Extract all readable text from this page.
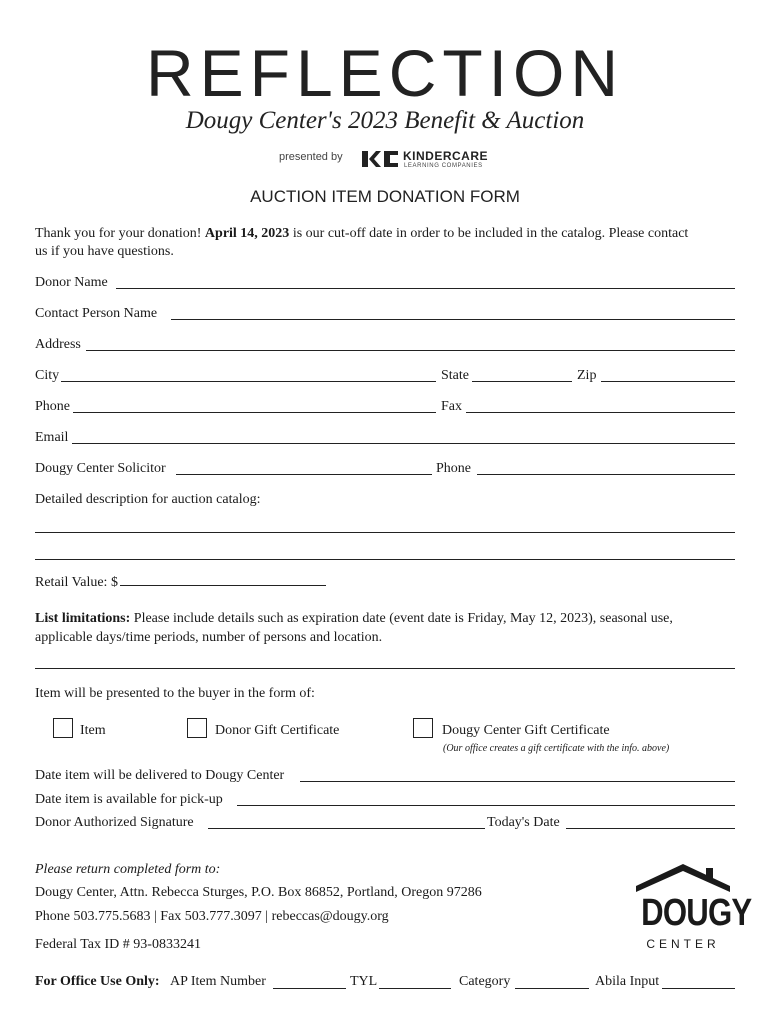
REFLECTION
Dougy Center's 2023 Benefit & Auction
presented by	KINDERCARE
LEARNING COMPANIES
AUCTION ITEM DONATION FORM
Thank you for your donation! April 14, 2023 is our cut-off date in order to be included in the catalog. Please contact
us if you have questions.
Donor Name
Contact Person Name
Address
City	State	Zip
Phone	Fax
Email
Dougy Center Solicitor	Phone
Detailed description for auction catalog:
Retail Value: $
List limitations: Please include details such as expiration date (event date is Friday, May 12, 2023), seasonal use,
applicable days/time periods, number of persons and location.
Item will be presented to the buyer in the form of:
Item	Donor Gift Certificate	Dougy Center Gift Certificate
(Our office creates a gift certificate with the info. above)
Date item will be delivered to Dougy Center
Date item is available for pick-up
Donor Authorized Signature	Today's Date
Please return completed form to:
Dougy Center, Attn. Rebecca Sturges, P.O. Box 86852, Portland, Oregon 97286
Phone 503.775.5683 | Fax 503.777.3097 | rebeccas@dougy.org
Federal Tax ID # 93-0833241
DOUGY
CENTER
For Office Use Only: AP Item Number	TYL	Category	Abila Input
